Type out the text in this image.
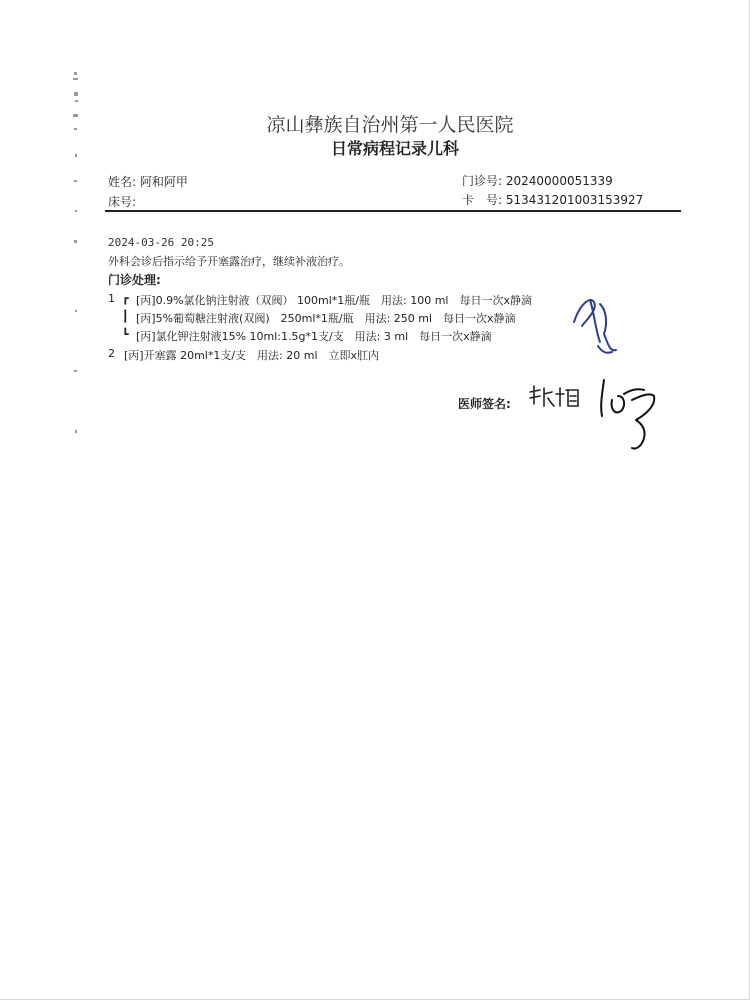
凉山彝族自治州第一人民医院
日常病程记录儿科
姓名: 阿和阿甲
床号:
门诊号: 20240000051339
卡　号: 513431201003153927
2024-03-26 20:25
外科会诊后指示给予开塞露治疗，继续补液治疗。
门诊处理:
1 ┏ [丙]0.9%氯化钠注射液（双阀） 100ml*1瓶/瓶　用法: 100 ml　每日一次x静滴
┃ [丙]5%葡萄糖注射液(双阀)　250ml*1瓶/瓶　用法: 250 ml　每日一次x静滴
┗ [丙]氯化钾注射液15% 10ml:1.5g*1支/支　用法: 3 ml　每日一次x静滴
2 [丙]开塞露 20ml*1支/支　用法: 20 ml　立即x肛内
医师签名:
